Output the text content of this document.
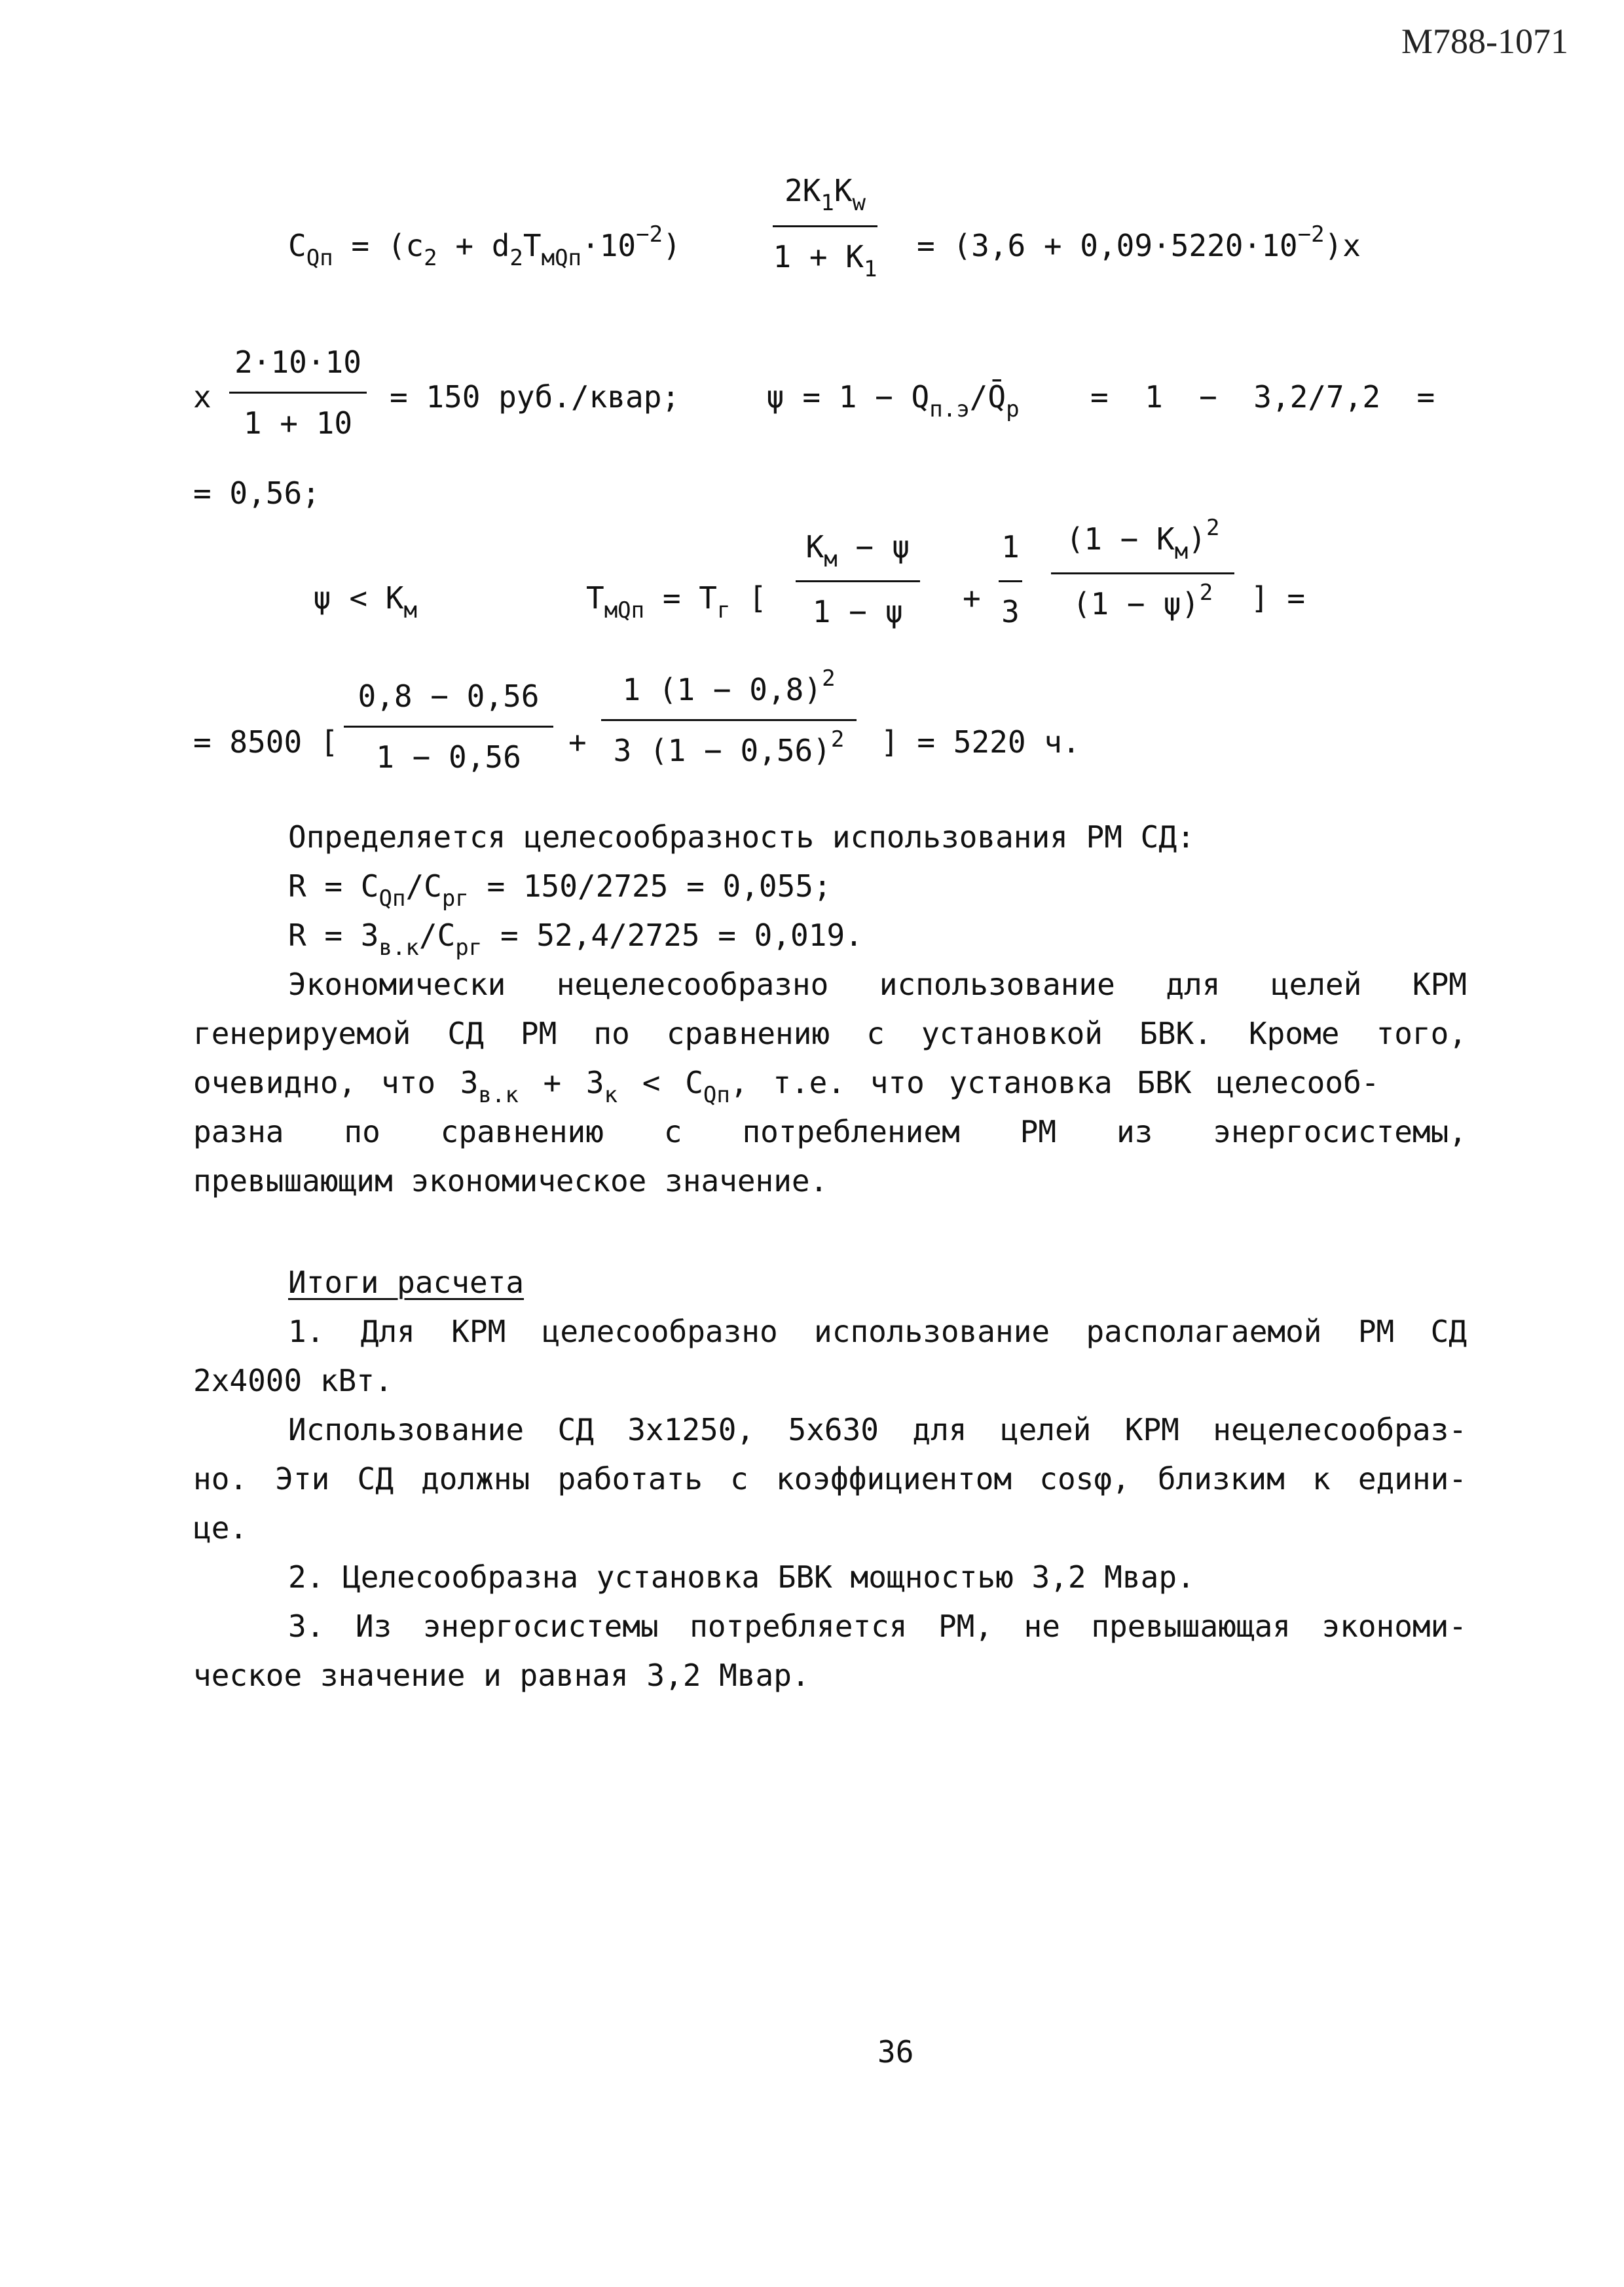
М788-1071
$C_{Qп} = (c_2 + d_2T_{мQп}\cdot 10^{-2})$
$2K_1K_w$
$1 + K_1$
= $(3,6 + 0,09\cdot 5220\cdot 10^{-2})x$
x
2·10·10
1 + 10
= 150 руб./квар;	$\psi = 1 - Q_{п.э}/Q̄_р = 1 - 3,2/7,2$  =
= 0,56;
$\psi < K_м$	$T_{мQп} = T_г$ [
$K_м - \psi$
1 − ψ +
1
3
$(1 - K_м)^2$
$(1 - \psi)^2$ ] =
= 8500 [
0,8 − 0,56
1 − 0,56 +
1 $(1 - 0,8)^2$
3 $(1 - 0,56)^2$ ] = 5220 ч.
Определяется целесообразность использования РМ СД:
$R = C_{Qп}/C_{рг} = 150/2725 = 0,055$;
$R = З_{в.к}/C_{рг} = 52,4/2725 = 0,019$.
Экономически нецелесообразно использование для целей КРМ
генерируемой СД РМ по сравнению с установкой БВК. Кроме того,
очевидно, что $З_{в.к} + З_к < C_{Qп}$, т.е. что установка БВК целесооб-
разна по сравнению с потреблением РМ из энергосистемы,
превышающим экономическое значение.
Итоги расчета
1. Для КРМ целесообразно использование располагаемой РМ СД
2x4000 кВт.
Использование СД 3x1250, 5x630 для целей КРМ нецелесообраз-
но. Эти СД должны работать с коэффициентом cosφ, близким к едини-
це.
2. Целесообразна установка БВК мощностью 3,2 Мвар.
3. Из энергосистемы потребляется РМ, не превышающая экономи-
ческое значение и равная 3,2 Мвар.
36
